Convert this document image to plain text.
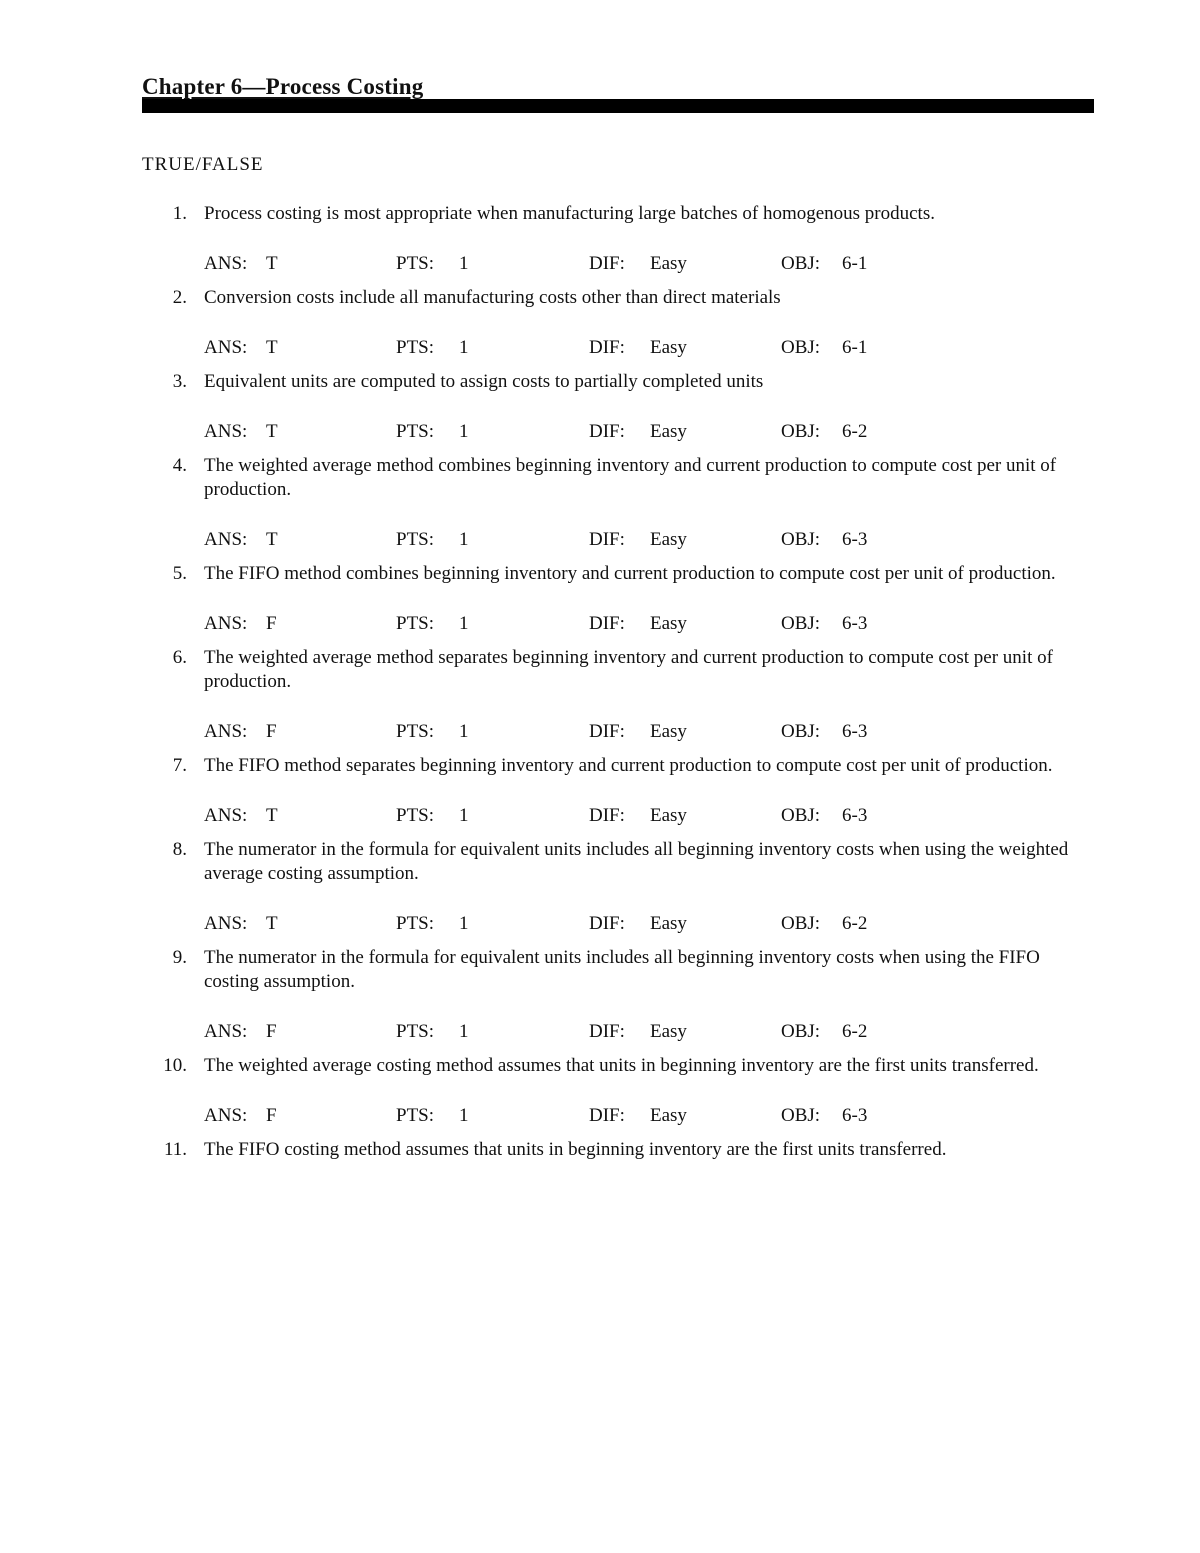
Chapter 6—Process Costing
TRUE/FALSE
1. Process costing is most appropriate when manufacturing large batches of homogenous products.
ANS: T	PTS: 1	DIF: Easy	OBJ: 6-1
2. Conversion costs include all manufacturing costs other than direct materials
ANS: T	PTS: 1	DIF: Easy	OBJ: 6-1
3. Equivalent units are computed to assign costs to partially completed units
ANS: T	PTS: 1	DIF: Easy	OBJ: 6-2
4. The weighted average method combines beginning inventory and current production to compute cost per unit of production.
ANS: T	PTS: 1	DIF: Easy	OBJ: 6-3
5. The FIFO method combines beginning inventory and current production to compute cost per unit of production.
ANS: F	PTS: 1	DIF: Easy	OBJ: 6-3
6. The weighted average method separates beginning inventory and current production to compute cost per unit of production.
ANS: F	PTS: 1	DIF: Easy	OBJ: 6-3
7. The FIFO method separates beginning inventory and current production to compute cost per unit of production.
ANS: T	PTS: 1	DIF: Easy	OBJ: 6-3
8. The numerator in the formula for equivalent units includes all beginning inventory costs when using the weighted average costing assumption.
ANS: T	PTS: 1	DIF: Easy	OBJ: 6-2
9. The numerator in the formula for equivalent units includes all beginning inventory costs when using the FIFO costing assumption.
ANS: F	PTS: 1	DIF: Easy	OBJ: 6-2
10. The weighted average costing method assumes that units in beginning inventory are the first units transferred.
ANS: F	PTS: 1	DIF: Easy	OBJ: 6-3
11. The FIFO costing method assumes that units in beginning inventory are the first units transferred.
